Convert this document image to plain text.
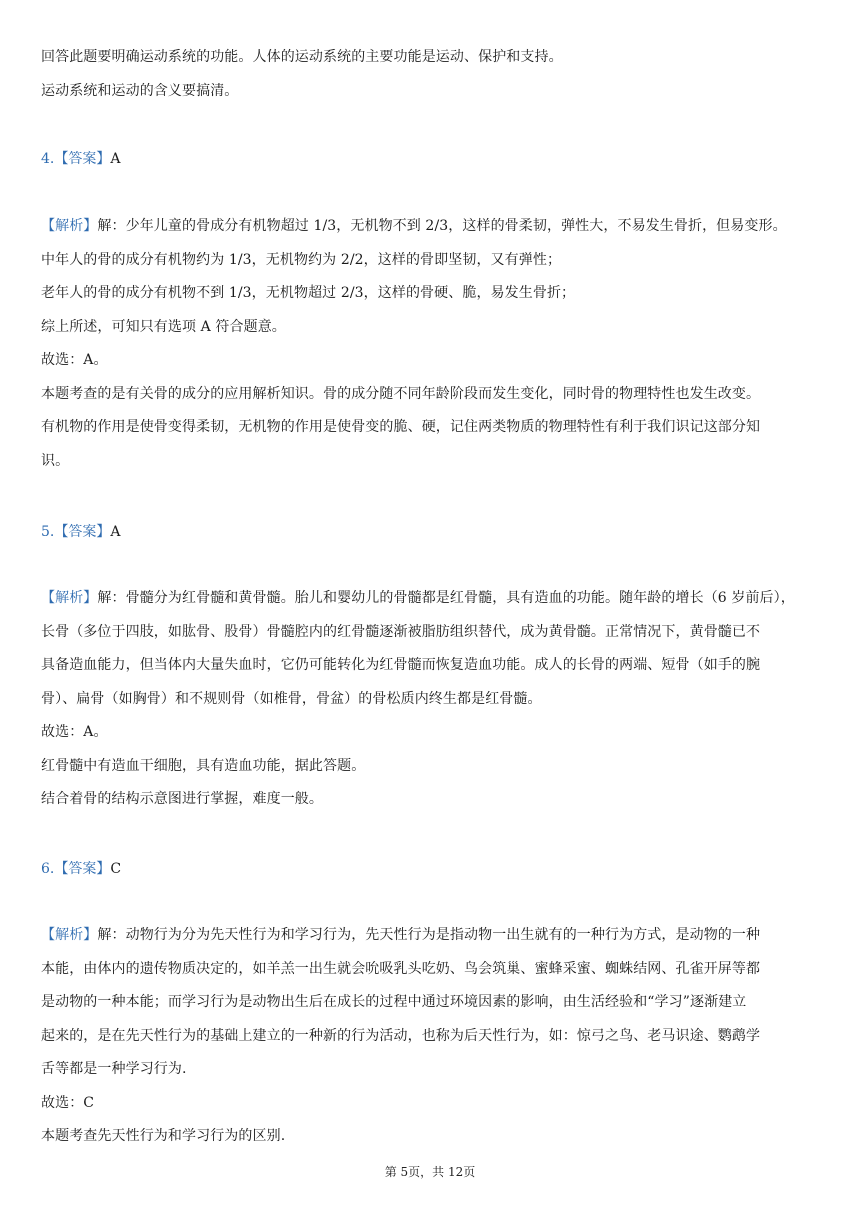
回答此题要明确运动系统的功能。人体的运动系统的主要功能是运动、保护和支持。
运动系统和运动的含义要搞清。
4.【答案】A
【解析】解：少年儿童的骨成分有机物超过 1/3，无机物不到 2/3，这样的骨柔韧，弹性大，不易发生骨折，但易变形。
中年人的骨的成分有机物约为 1/3，无机物约为 2/2，这样的骨即坚韧，又有弹性；
老年人的骨的成分有机物不到 1/3，无机物超过 2/3，这样的骨硬、脆，易发生骨折；
综上所述，可知只有选项 A 符合题意。
故选：A。
本题考查的是有关骨的成分的应用解析知识。骨的成分随不同年龄阶段而发生变化，同时骨的物理特性也发生改变。
有机物的作用是使骨变得柔韧，无机物的作用是使骨变的脆、硬，记住两类物质的物理特性有利于我们识记这部分知
识。
5.【答案】A
【解析】解：骨髓分为红骨髓和黄骨髓。胎儿和婴幼儿的骨髓都是红骨髓，具有造血的功能。随年龄的增长（6 岁前后），
长骨（多位于四肢，如肱骨、股骨）骨髓腔内的红骨髓逐渐被脂肪组织替代，成为黄骨髓。正常情况下，黄骨髓已不
具备造血能力，但当体内大量失血时，它仍可能转化为红骨髓而恢复造血功能。成人的长骨的两端、短骨（如手的腕
骨）、扁骨（如胸骨）和不规则骨（如椎骨，骨盆）的骨松质内终生都是红骨髓。
故选：A。
红骨髓中有造血干细胞，具有造血功能，据此答题。
结合着骨的结构示意图进行掌握，难度一般。
6.【答案】C
【解析】解：动物行为分为先天性行为和学习行为，先天性行为是指动物一出生就有的一种行为方式，是动物的一种
本能，由体内的遗传物质决定的，如羊羔一出生就会吮吸乳头吃奶、鸟会筑巢、蜜蜂采蜜、蜘蛛结网、孔雀开屏等都
是动物的一种本能；而学习行为是动物出生后在成长的过程中通过环境因素的影响，由生活经验和“学习”逐渐建立
起来的，是在先天性行为的基础上建立的一种新的行为活动，也称为后天性行为，如：惊弓之鸟、老马识途、鹦鹉学
舌等都是一种学习行为.
故选：C
本题考查先天性行为和学习行为的区别.
第 5页，共 12页
